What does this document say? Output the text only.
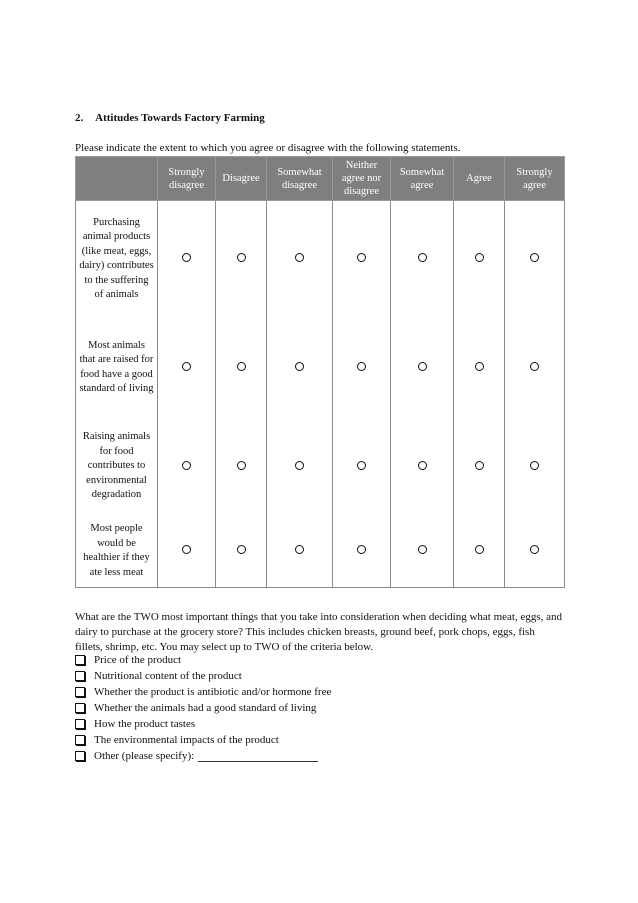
2. Attitudes Towards Factory Farming
Please indicate the extent to which you agree or disagree with the following statements.
	Strongly disagree	Disagree	Somewhat disagree	Neither agree nor disagree	Somewhat agree	Agree	Strongly agree
Purchasing animal products (like meat, eggs, dairy) contributes to the suffering of animals							
Most animals that are raised for food have a good standard of living							
Raising animals for food contributes to environmental degradation							
Most people would be healthier if they ate less meat							
What are the TWO most important things that you take into consideration when deciding what meat, eggs, and dairy to purchase at the grocery store? This includes chicken breasts, ground beef, pork chops, eggs, fish fillets, shrimp, etc. You may select up to TWO of the criteria below.
Price of the product
Nutritional content of the product
Whether the product is antibiotic and/or hormone free
Whether the animals had a good standard of living
How the product tastes
The environmental impacts of the product
Other (please specify):
